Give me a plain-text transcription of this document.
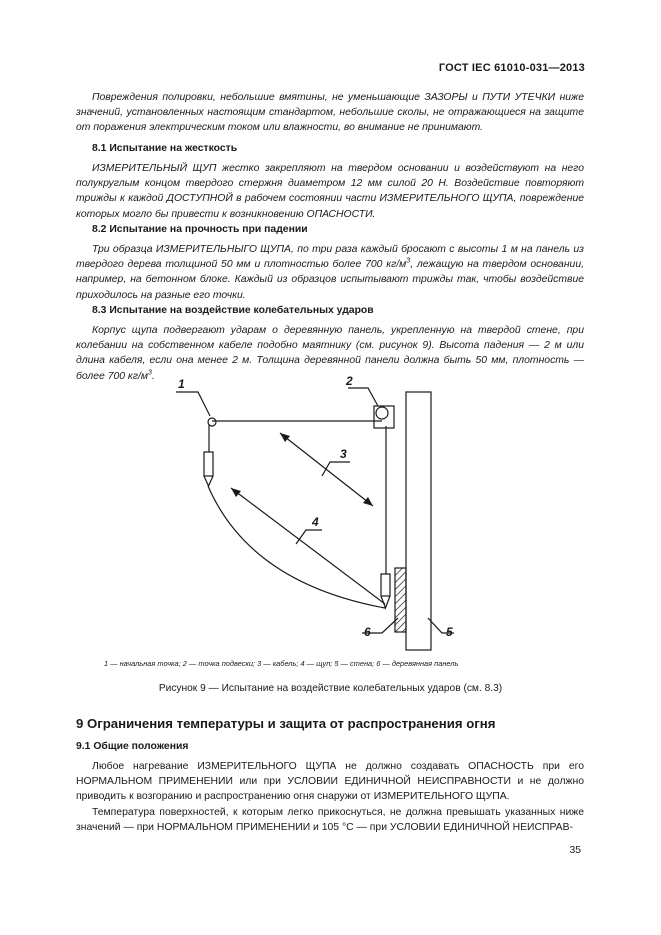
ГОСТ IEC 61010-031—2013

Повреждения полировки, небольшие вмятины, не уменьшающие ЗАЗОРЫ и ПУТИ УТЕЧКИ ниже значений, установленных настоящим стандартом, небольшие сколы, не отражающиеся на защите от поражения электрическим током или влажности, во внимание не принимают.

8.1 Испытание на жесткость

ИЗМЕРИТЕЛЬНЫЙ ЩУП жестко закрепляют на твердом основании и воздействуют на него полукруглым концом твердого стержня диаметром 12 мм силой 20 Н. Воздействие повторяют трижды к каждой ДОСТУПНОЙ в рабочем состоянии части ИЗМЕРИТЕЛЬНОГО ЩУПА, повреждение которых могло бы привести к возникновению ОПАСНОСТИ.

8.2 Испытание на прочность при падении

Три образца ИЗМЕРИТЕЛЬНЫГО ЩУПА, по три раза каждый бросают с высоты 1 м на панель из твердого дерева толщиной 50 мм и плотностью более 700 $кг/м^3$, лежащую на твердом основании, например, на бетонном блоке. Каждый из образцов испытывают трижды так, чтобы воздействие приходилось на разные его точки.

8.3 Испытание на воздействие колебательных ударов

Корпус щупа подвергают ударам о деревянную панель, укрепленную на твердой стене, при колебании на собственном кабеле подобно маятнику (см. рисунок 9). Высота падения — 2 м или длина кабеля, если она менее 2 м. Толщина деревянной панели должна быть 50 мм, плотность — более 700 $кг/м^3$.

1	2
3
4
5
6
1 — начальная точка; 2 — точка подвески; 3 — кабель; 4 — щуп; 5 — стена; 6 — деревянная панель
Рисунок 9 — Испытание на воздействие колебательных ударов (см. 8.3)
9 Ограничения температуры и защита от распространения огня
9.1 Общие положения

Любое нагревание ИЗМЕРИТЕЛЬНОГО ЩУПА не должно создавать ОПАСНОСТЬ при его НОРМАЛЬНОМ ПРИМЕНЕНИИ или при УСЛОВИИ ЕДИНИЧНОЙ НЕИСПРАВНОСТИ и не должно приводить к возгоранию и распространению огня снаружи от ИЗМЕРИТЕЛЬНОГО ЩУПА.

Температура поверхностей, к которым легко прикоснуться, не должна превышать указанных ниже значений — при НОРМАЛЬНОМ ПРИМЕНЕНИИ и 105 °С — при УСЛОВИИ ЕДИНИЧНОЙ НЕИСПРАВ-

35
